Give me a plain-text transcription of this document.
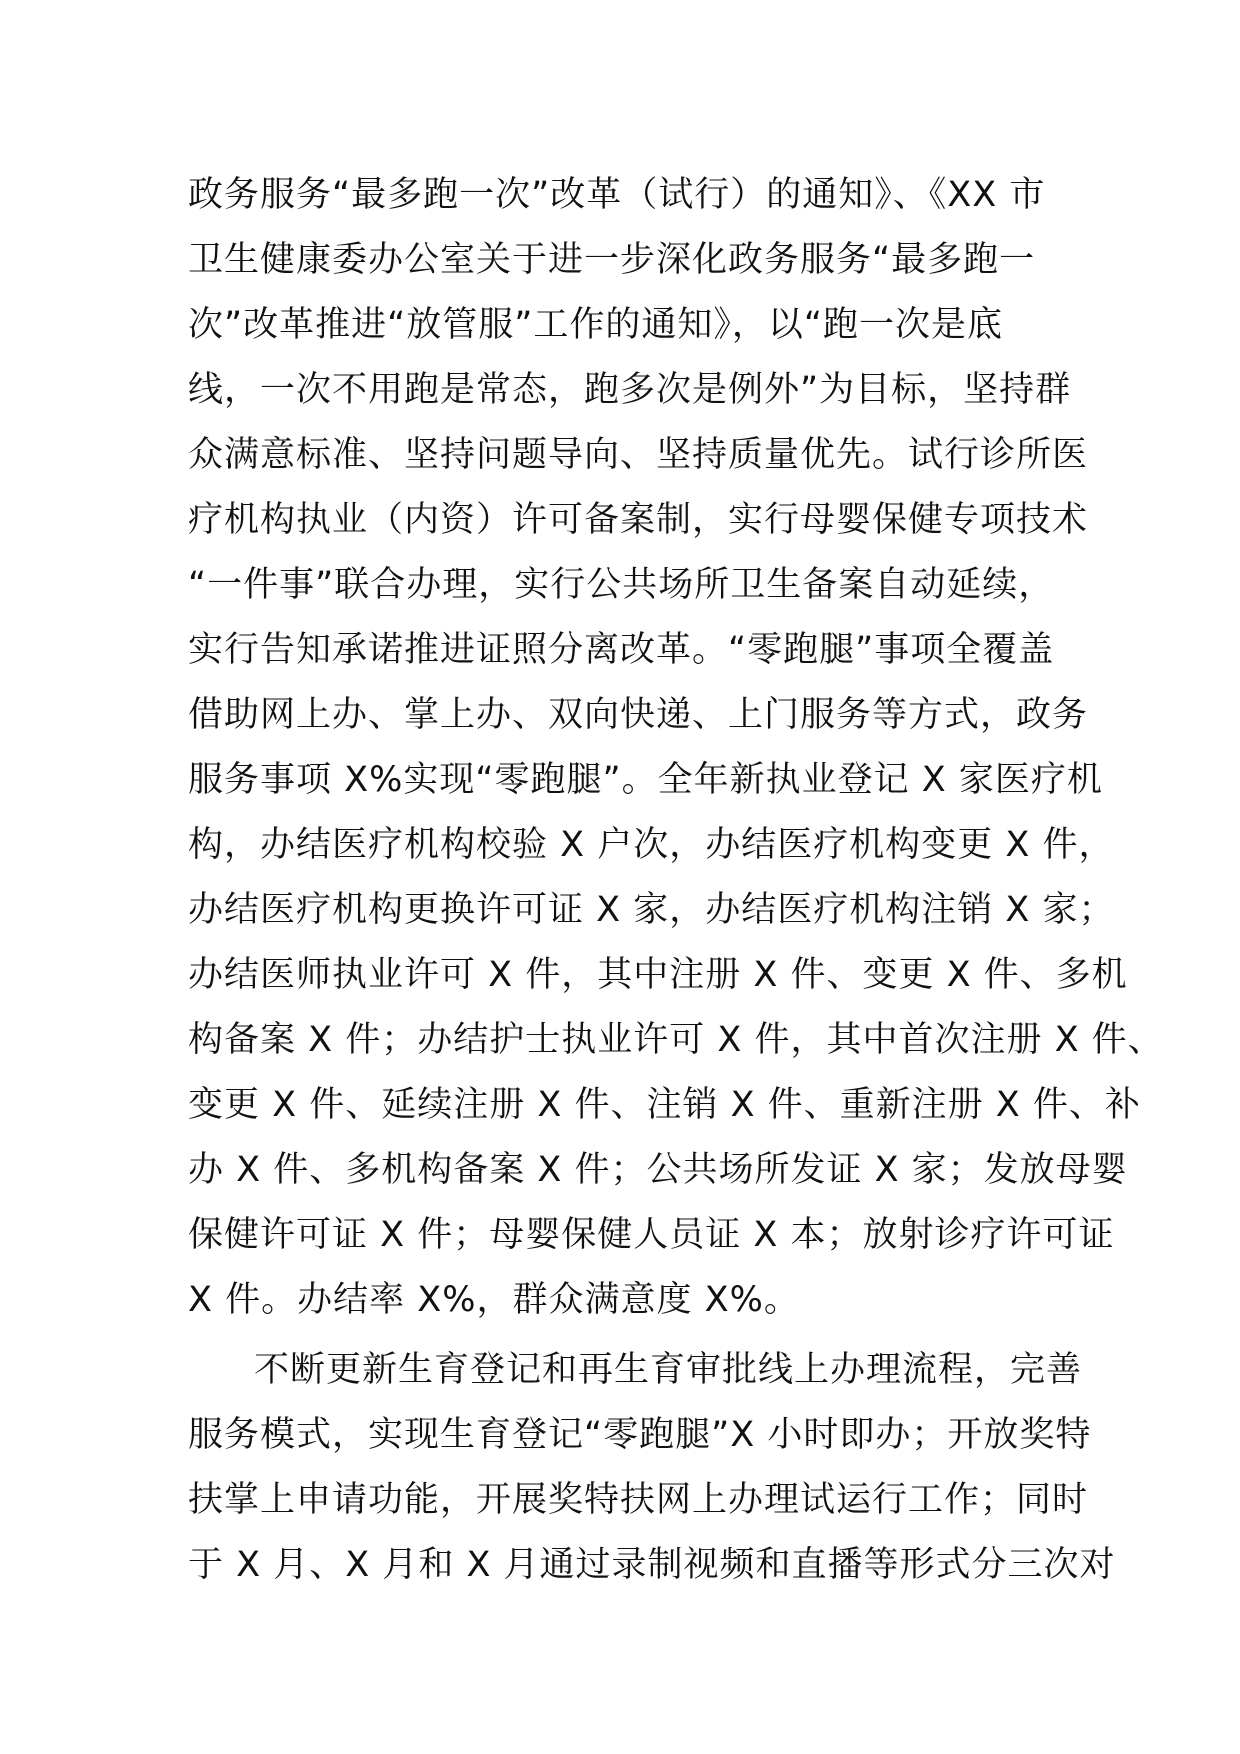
政务服务“最多跑一次”改革（试行）的通知》、《XX 市
卫生健康委办公室关于进一步深化政务服务“最多跑一
次”改革推进“放管服”工作的通知》，以“跑一次是底
线，一次不用跑是常态，跑多次是例外”为目标，坚持群
众满意标准、坚持问题导向、坚持质量优先。试行诊所医
疗机构执业（内资）许可备案制，实行母婴保健专项技术
“一件事”联合办理，实行公共场所卫生备案自动延续，
实行告知承诺推进证照分离改革。“零跑腿”事项全覆盖
借助网上办、掌上办、双向快递、上门服务等方式，政务
服务事项 X%实现“零跑腿”。全年新执业登记 X 家医疗机
构，办结医疗机构校验 X 户次，办结医疗机构变更 X 件，
办结医疗机构更换许可证 X 家，办结医疗机构注销 X 家；
办结医师执业许可 X 件，其中注册 X 件、变更 X 件、多机
构备案 X 件；办结护士执业许可 X 件，其中首次注册 X 件、
变更 X 件、延续注册 X 件、注销 X 件、重新注册 X 件、补
办 X 件、多机构备案 X 件；公共场所发证 X 家；发放母婴
保健许可证 X 件；母婴保健人员证 X 本；放射诊疗许可证
X 件。办结率 X%，群众满意度 X%。
不断更新生育登记和再生育审批线上办理流程，完善
服务模式，实现生育登记“零跑腿”X 小时即办；开放奖特
扶掌上申请功能，开展奖特扶网上办理试运行工作；同时
于 X 月、X 月和 X 月通过录制视频和直播等形式分三次对
